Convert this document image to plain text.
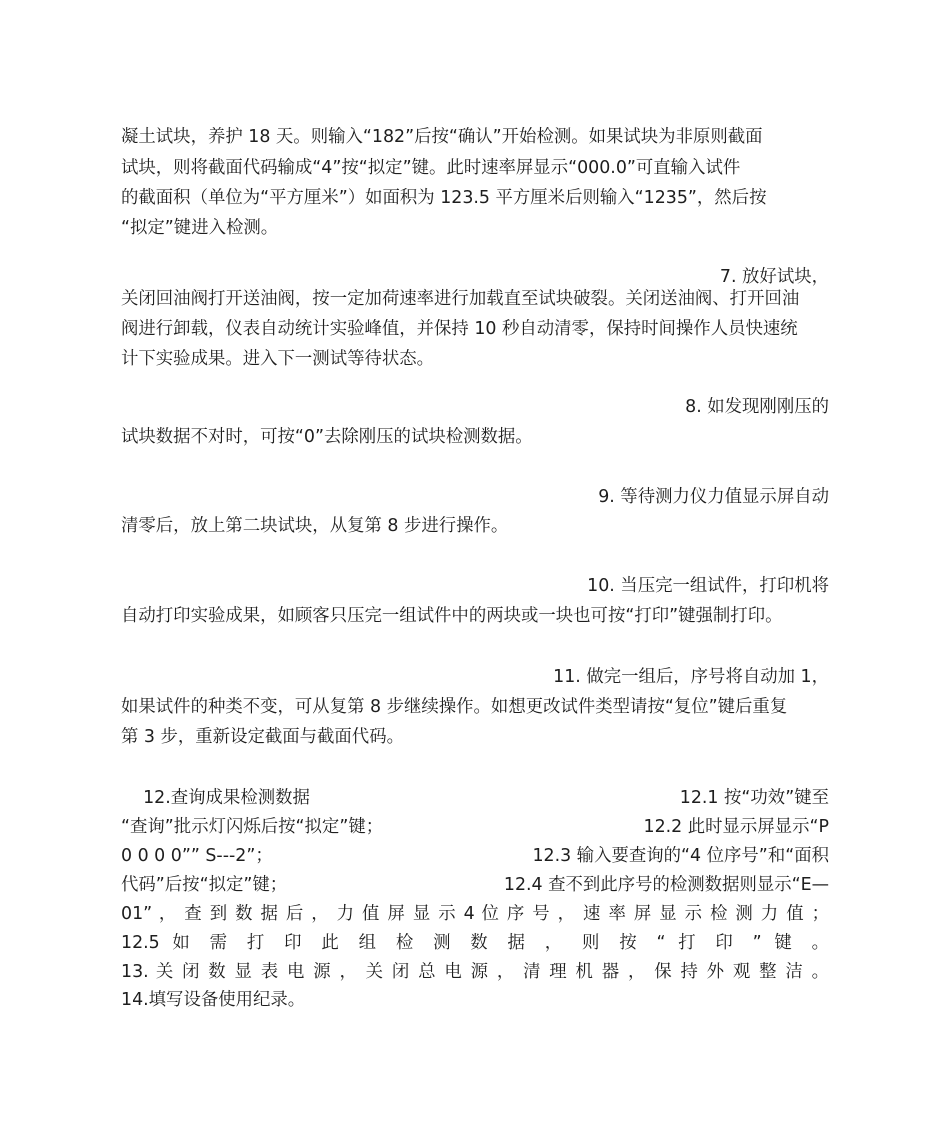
凝土试块，养护 18 天。则输入“182”后按“确认”开始检测。如果试块为非原则截面
试块，则将截面代码输成“4”按“拟定”键。此时速率屏显示“000.0”可直输入试件
的截面积（单位为“平方厘米”）如面积为 123.5 平方厘米后则输入“1235”，然后按
“拟定”键进入检测。
7. 放好试块，
关闭回油阀打开送油阀，按一定加荷速率进行加载直至试块破裂。关闭送油阀、打开回油
阀进行卸载，仪表自动统计实验峰值，并保持 10 秒自动清零，保持时间操作人员快速统
计下实验成果。进入下一测试等待状态。
8. 如发现刚刚压的
试块数据不对时，可按“0”去除刚压的试块检测数据。
9. 等待测力仪力值显示屏自动
清零后，放上第二块试块，从复第 8 步进行操作。
10. 当压完一组试件，打印机将
自动打印实验成果，如顾客只压完一组试件中的两块或一块也可按“打印”键强制打印。
11. 做完一组后，序号将自动加 1，
如果试件的种类不变，可从复第 8 步继续操作。如想更改试件类型请按“复位”键后重复
第 3 步，重新设定截面与截面代码。
12.查询成果检测数据	12.1 按“功效”键至
“查询”批示灯闪烁后按“拟定”键；	12.2 此时显示屏显示“P
0 0 0 0”” S---2”；	12.3 输入要查询的“4 位序号”和“面积
代码”后按“拟定”键；	12.4 查不到此序号的检测数据则显示“E—
01” ， 查 到 数 据 后 ， 力 值 屏 显 示 4 位 序 号 ， 速 率 屏 显 示 检 测 力 值 ；
12.5 如 需 打 印 此 组 检 测 数 据 ， 则 按 “ 打 印 ” 键 。
13. 关 闭 数 显 表 电 源 ， 关 闭 总 电 源 ， 清 理 机 器 ， 保 持 外 观 整 洁 。
14.填写设备使用纪录。
